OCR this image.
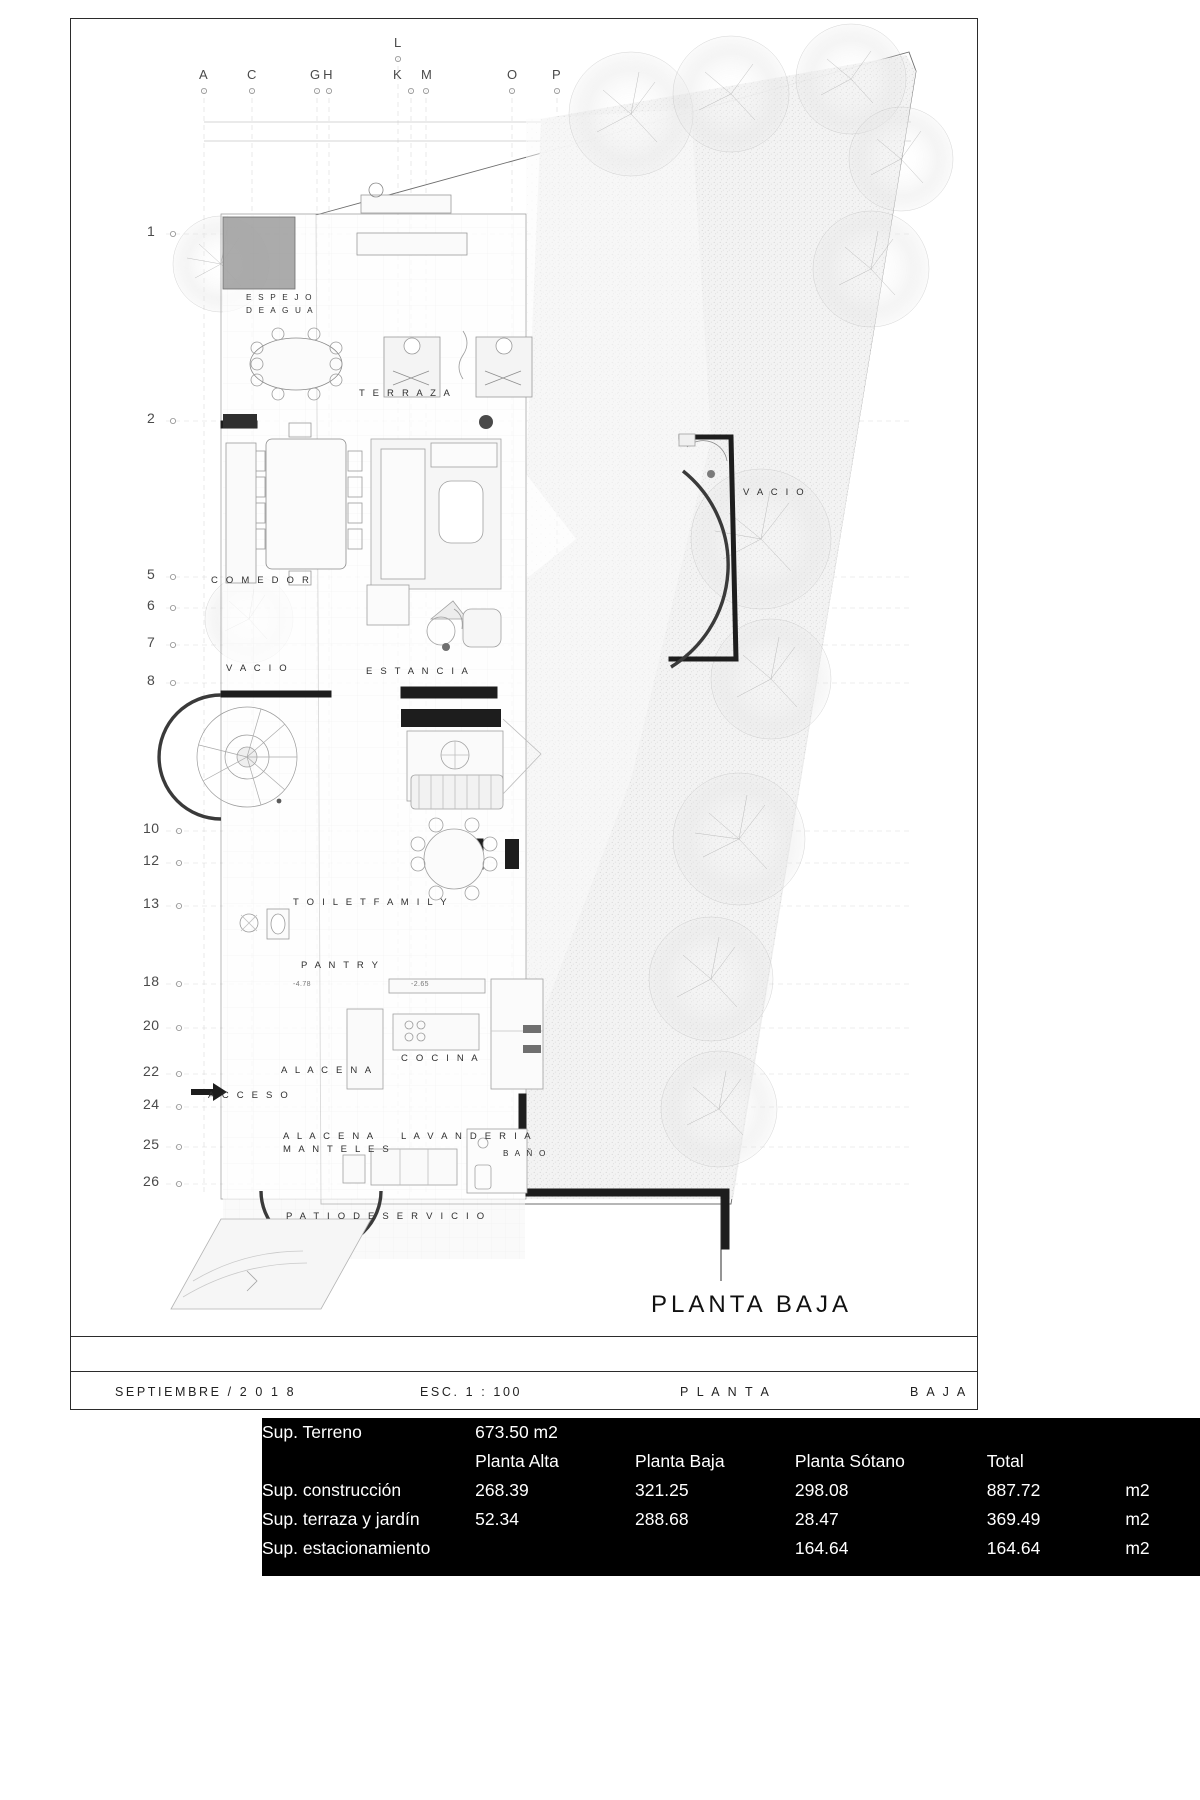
A	C	GH
L
K M	O P
1
2
5
6
7
8
10
12
13
18
20
22
24
25
26
E S P E J O
D E A G U A
T E R R A Z A
C O M E D O R
V A C I O	E S T A N C I A
V A C I O
T O I L E T F A M I L Y
P A N T R Y
C O C I N A
A L A C E N A
A C C E S O
A L A C E N A
M A N T E L E S
L A V A N D E R I A
B A Ñ O
P A T I O D E S E R V I C I O
-4.78	-2.65
PLANTA BAJA
SEPTIEMBRE / 2 0 1 8	ESC. 1 : 100	P L A N T A	B A J A
Sup. Terreno	673.50 m2				
	Planta Alta	Planta Baja	Planta Sótano	Total	
Sup. construcción	268.39	321.25	298.08	887.72	m2
Sup. terraza y jardín	52.34	288.68	28.47	369.49	m2
Sup. estacionamiento			164.64	164.64	m2
